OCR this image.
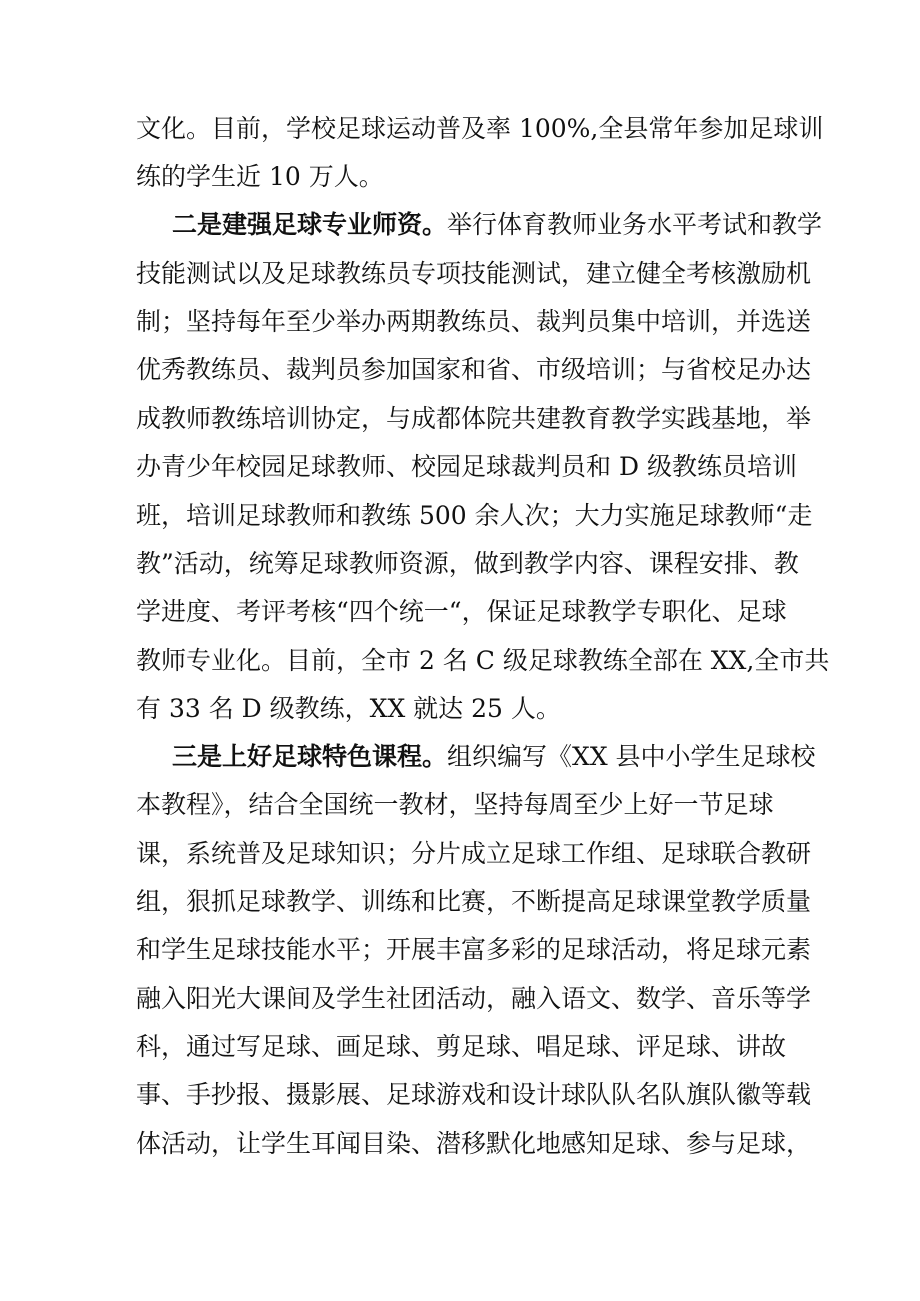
文化。目前，学校足球运动普及率 100%,全县常年参加足球训
练的学生近 10 万人。
二是建强足球专业师资。举行体育教师业务水平考试和教学
技能测试以及足球教练员专项技能测试，建立健全考核激励机
制；坚持每年至少举办两期教练员、裁判员集中培训，并选送
优秀教练员、裁判员参加国家和省、市级培训；与省校足办达
成教师教练培训协定，与成都体院共建教育教学实践基地，举
办青少年校园足球教师、校园足球裁判员和 D 级教练员培训
班，培训足球教师和教练 500 余人次；大力实施足球教师“走
教”活动，统筹足球教师资源，做到教学内容、课程安排、教
学进度、考评考核“四个统一“，保证足球教学专职化、足球
教师专业化。目前，全市 2 名 C 级足球教练全部在 XX,全市共
有 33 名 D 级教练，XX 就达 25 人。
三是上好足球特色课程。组织编写《XX 县中小学生足球校
本教程》，结合全国统一教材，坚持每周至少上好一节足球
课，系统普及足球知识；分片成立足球工作组、足球联合教研
组，狠抓足球教学、训练和比赛，不断提高足球课堂教学质量
和学生足球技能水平；开展丰富多彩的足球活动，将足球元素
融入阳光大课间及学生社团活动，融入语文、数学、音乐等学
科，通过写足球、画足球、剪足球、唱足球、评足球、讲故
事、手抄报、摄影展、足球游戏和设计球队队名队旗队徽等载
体活动，让学生耳闻目染、潜移默化地感知足球、参与足球，
